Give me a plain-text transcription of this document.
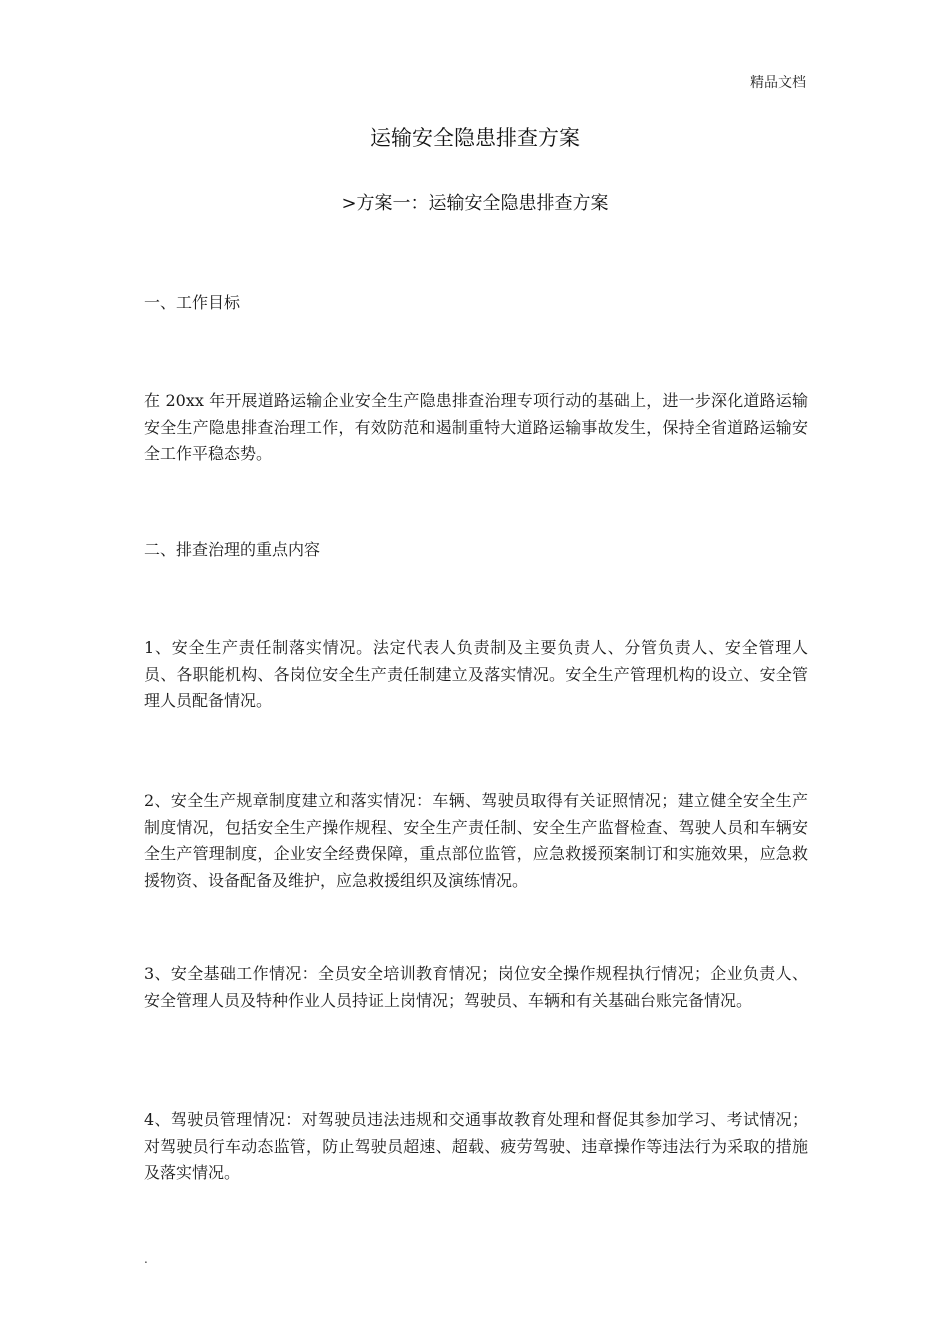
精品文档
运输安全隐患排查方案
>方案一：运输安全隐患排查方案
一、工作目标
在 20xx 年开展道路运输企业安全生产隐患排查治理专项行动的基础上，进一步深化道路运输安全生产隐患排查治理工作，有效防范和遏制重特大道路运输事故发生，保持全省道路运输安全工作平稳态势。
二、排查治理的重点内容
1、安全生产责任制落实情况。法定代表人负责制及主要负责人、分管负责人、安全管理人员、各职能机构、各岗位安全生产责任制建立及落实情况。安全生产管理机构的设立、安全管理人员配备情况。
2、安全生产规章制度建立和落实情况：车辆、驾驶员取得有关证照情况；建立健全安全生产制度情况，包括安全生产操作规程、安全生产责任制、安全生产监督检查、驾驶人员和车辆安全生产管理制度，企业安全经费保障，重点部位监管，应急救援预案制订和实施效果，应急救援物资、设备配备及维护，应急救援组织及演练情况。
3、安全基础工作情况：全员安全培训教育情况；岗位安全操作规程执行情况；企业负责人、安全管理人员及特种作业人员持证上岗情况；驾驶员、车辆和有关基础台账完备情况。
4、驾驶员管理情况：对驾驶员违法违规和交通事故教育处理和督促其参加学习、考试情况；对驾驶员行车动态监管，防止驾驶员超速、超载、疲劳驾驶、违章操作等违法行为采取的措施及落实情况。
.
